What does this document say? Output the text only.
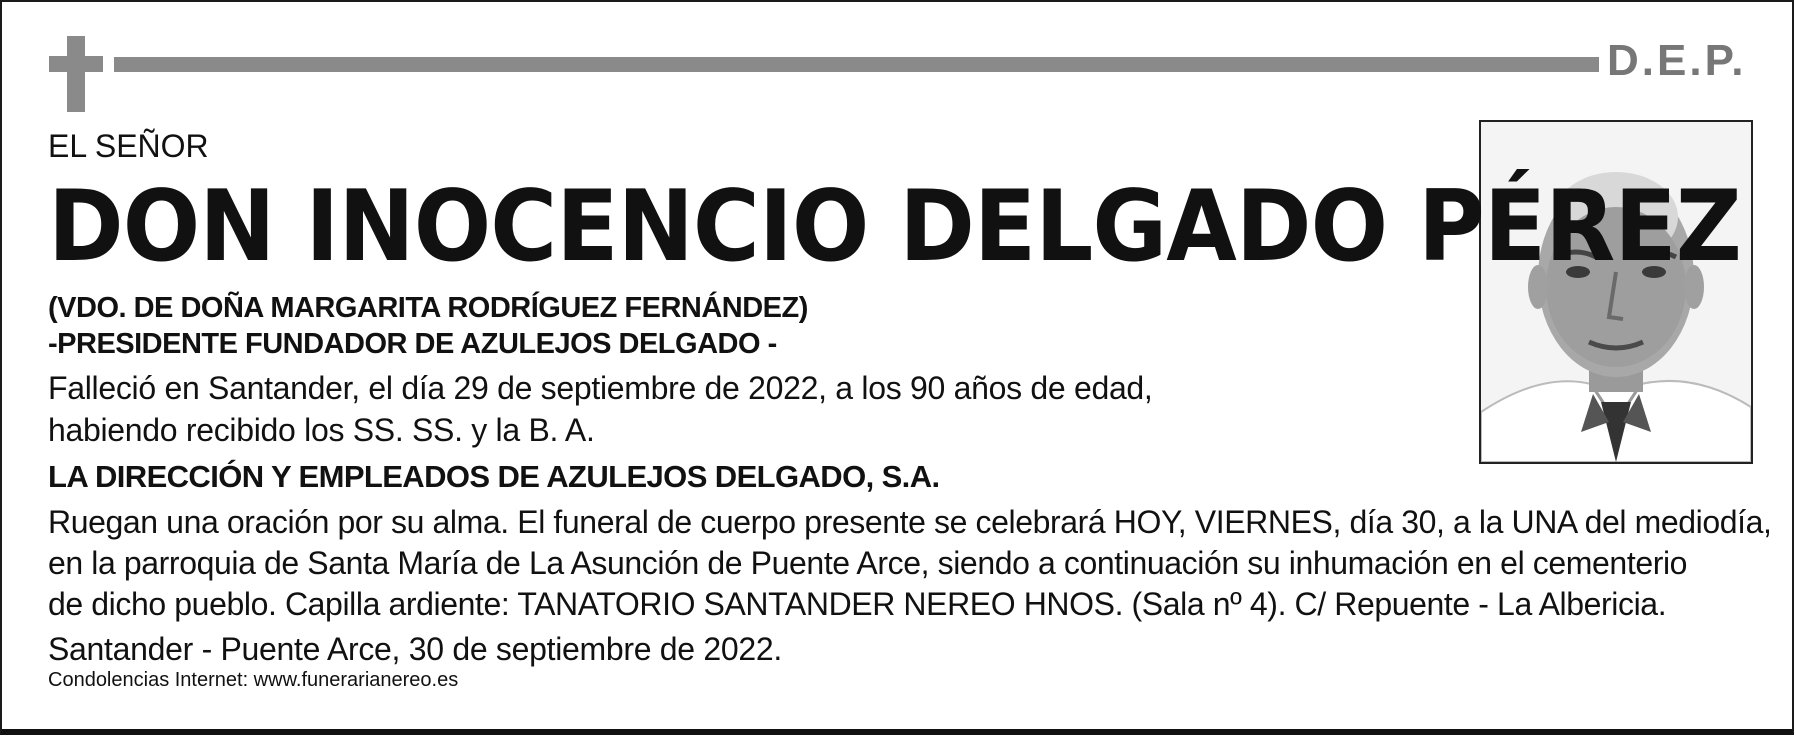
D.E.P.
EL SEÑOR
DON INOCENCIO DELGADO PÉREZ
(VDO. DE DOÑA MARGARITA RODRÍGUEZ FERNÁNDEZ)
-PRESIDENTE FUNDADOR DE AZULEJOS DELGADO -
Falleció en Santander, el día 29 de septiembre de 2022, a los 90 años de edad,
habiendo recibido los SS. SS. y la B. A.
LA DIRECCIÓN Y EMPLEADOS DE AZULEJOS DELGADO, S.A.
Ruegan una oración por su alma. El funeral de cuerpo presente se celebrará HOY, VIERNES, día 30, a la UNA del mediodía,
en la parroquia de Santa María de La Asunción de Puente Arce, siendo a continuación su inhumación en el cementerio
de dicho pueblo. Capilla ardiente: TANATORIO SANTANDER NEREO HNOS. (Sala nº 4). C/ Repuente - La Albericia.
Santander - Puente Arce, 30 de septiembre de 2022.
Condolencias Internet: www.funerarianereo.es
